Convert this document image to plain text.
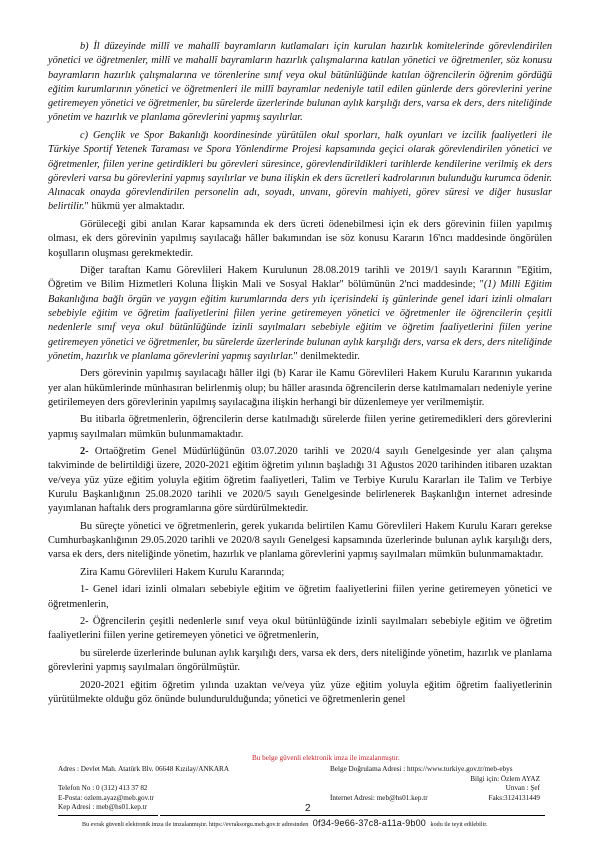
b) İl düzeyinde millî ve mahallî bayramların kutlamaları için kurulan hazırlık komitelerinde görevlendirilen yönetici ve öğretmenler, millî ve mahallî bayramların hazırlık çalışmalarına katılan yönetici ve öğretmenler, söz konusu bayramların hazırlık çalışmalarına ve törenlerine sınıf veya okul bütünlüğünde katılan öğrencilerin öğrenim gördüğü eğitim kurumlarının yönetici ve öğretmenleri ile millî bayramlar nedeniyle tatil edilen günlerde ders görevlerini yerine getiremeyen yönetici ve öğretmenler, bu sürelerde üzerlerinde bulunan aylık karşılığı ders, varsa ek ders, ders niteliğinde yönetim ve hazırlık ve planlama görevlerini yapmış sayılırlar.

c) Gençlik ve Spor Bakanlığı koordinesinde yürütülen okul sporları, halk oyunları ve izcilik faaliyetleri ile Türkiye Sportif Yetenek Taraması ve Spora Yönlendirme Projesi kapsamında geçici olarak görevlendirilen yönetici ve öğretmenler, fiilen yerine getirdikleri bu görevleri süresince, görevlendirildikleri tarihlerde kendilerine verilmiş ek ders görevleri varsa bu görevlerini yapmış sayılırlar ve buna ilişkin ek ders ücretleri kadrolarının bulunduğu kurumca ödenir. Alınacak onayda görevlendirilen personelin adı, soyadı, unvanı, görevin mahiyeti, görev süresi ve diğer hususlar belirtilir." hükmü yer almaktadır.

Görüleceği gibi anılan Karar kapsamında ek ders ücreti ödenebilmesi için ek ders görevinin fiilen yapılmış olması, ek ders görevinin yapılmış sayılacağı hâller bakımından ise söz konusu Kararın 16'ncı maddesinde öngörülen koşulların oluşması gerekmektedir.

Diğer taraftan Kamu Görevlileri Hakem Kurulunun 28.08.2019 tarihli ve 2019/1 sayılı Kararının "Eğitim, Öğretim ve Bilim Hizmetleri Koluna İlişkin Mali ve Sosyal Haklar" bölümünün 2'nci maddesinde; "(1) Milli Eğitim Bakanlığına bağlı örgün ve yaygın eğitim kurumlarında ders yılı içerisindeki iş günlerinde genel idari izinli olmaları sebebiyle eğitim ve öğretim faaliyetlerini fiilen yerine getiremeyen yönetici ve öğretmenler ile öğrencilerin çeşitli nedenlerle sınıf veya okul bütünlüğünde izinli sayılmaları sebebiyle eğitim ve öğretim faaliyetlerini fiilen yerine getiremeyen yönetici ve öğretmenler, bu sürelerde üzerlerinde bulunan aylık karşılığı ders, varsa ek ders, ders niteliğinde yönetim, hazırlık ve planlama görevlerini yapmış sayılırlar." denilmektedir.

Ders görevinin yapılmış sayılacağı hâller ilgi (b) Karar ile Kamu Görevlileri Hakem Kurulu Kararının yukarıda yer alan hükümlerinde münhasıran belirlenmiş olup; bu hâller arasında öğrencilerin derse katılmamaları nedeniyle yerine getirilemeyen ders görevlerinin yapılmış sayılacağına ilişkin herhangi bir düzenlemeye yer verilmemiştir.

Bu itibarla öğretmenlerin, öğrencilerin derse katılmadığı sürelerde fiilen yerine getiremedikleri ders görevlerini yapmış sayılmaları mümkün bulunmamaktadır.

2- Ortaöğretim Genel Müdürlüğünün 03.07.2020 tarihli ve 2020/4 sayılı Genelgesinde yer alan çalışma takviminde de belirtildiği üzere, 2020-2021 eğitim öğretim yılının başladığı 31 Ağustos 2020 tarihinden itibaren uzaktan ve/veya yüz yüze eğitim yoluyla eğitim öğretim faaliyetleri, Talim ve Terbiye Kurulu Kararları ile Talim ve Terbiye Kurulu Başkanlığının 25.08.2020 tarihli ve 2020/5 sayılı Genelgesinde belirlenerek Başkanlığın internet adresinde yayımlanan haftalık ders programlarına göre sürdürülmektedir.

Bu süreçte yönetici ve öğretmenlerin, gerek yukarıda belirtilen Kamu Görevlileri Hakem Kurulu Kararı gerekse Cumhurbaşkanlığının 29.05.2020 tarihli ve 2020/8 sayılı Genelgesi kapsamında üzerlerinde bulunan aylık karşılığı ders, varsa ek ders, ders niteliğinde yönetim, hazırlık ve planlama görevlerini yapmış sayılmaları mümkün bulunmamaktadır.

Zira Kamu Görevlileri Hakem Kurulu Kararında;

1- Genel idari izinli olmaları sebebiyle eğitim ve öğretim faaliyetlerini fiilen yerine getiremeyen yönetici ve öğretmenlerin,

2- Öğrencilerin çeşitli nedenlerle sınıf veya okul bütünlüğünde izinli sayılmaları sebebiyle eğitim ve öğretim faaliyetlerini fiilen yerine getiremeyen yönetici ve öğretmenlerin,

bu sürelerde üzerlerinde bulunan aylık karşılığı ders, varsa ek ders, ders niteliğinde yönetim, hazırlık ve planlama görevlerini yapmış sayılmaları öngörülmüştür.

2020-2021 eğitim öğretim yılında uzaktan ve/veya yüz yüze eğitim yoluyla eğitim öğretim faaliyetlerinin yürütülmekte olduğu göz önünde bulundurulduğunda; yönetici ve öğretmenlerin genel

Bu belge güvenli elektronik imza ile imzalanmıştır.
Adres : Devlet Mah. Atatürk Blv. 06648 Kızılay/ANKARA
Telefon No : 0 (312) 413 37 82
E-Posta: ozlem.ayaz@meb.gov.tr
Kep Adresi : meb@hs01.kep.tr
Belge Doğrulama Adresi : https://www.turkiye.gov.tr/meb-ebys
Bilgi için: Özlem AYAZ
Unvan : Şef
İnternet Adresi: meb@hs01.kep.tr	Faks:3124131449
2
Bu evrak güvenli elektronik imza ile imzalanmıştır. https://evraksorgu.meb.gov.tr adresinden 0f34-9e66-37c8-a11a-9b00 kodu ile teyit edilebilir.
